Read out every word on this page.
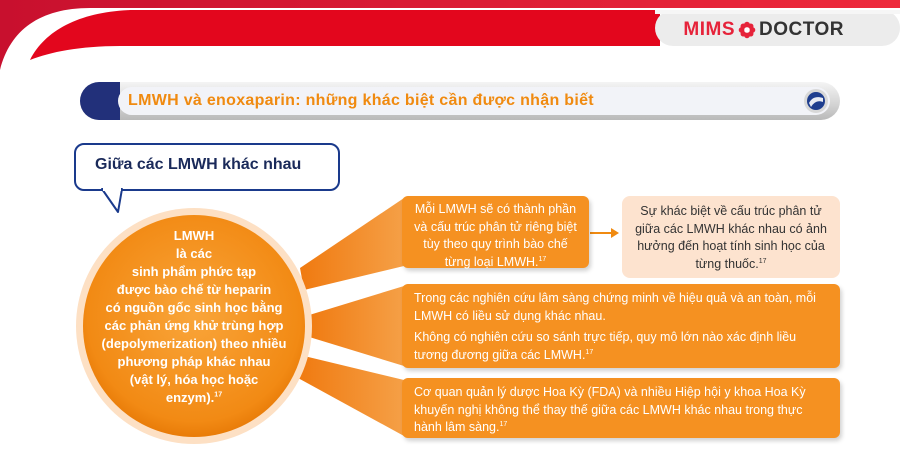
MIMS DOCTOR
LMWH và enoxaparin: những khác biệt cần được nhận biết
Giữa các LMWH khác nhau
LMWH
là các
sinh phẩm phức tạp
được bào chế từ heparin
có nguồn gốc sinh học bằng
các phản ứng khử trùng hợp
(depolymerization) theo nhiều
phương pháp khác nhau
(vật lý, hóa học hoặc
enzym).$^{17}$
Mỗi LMWH sẽ có thành phần và cấu trúc phân tử riêng biệt tùy theo quy trình bào chế từng loại LMWH.$^{17}$
Sự khác biệt về cấu trúc phân tử giữa các LMWH khác nhau có ảnh hưởng đến hoạt tính sinh học của từng thuốc.$^{17}$

Trong các nghiên cứu lâm sàng chứng minh về hiệu quả và an toàn, mỗi LMWH có liều sử dụng khác nhau.

Không có nghiên cứu so sánh trực tiếp, quy mô lớn nào xác định liều tương đương giữa các LMWH.$^{17}$

Cơ quan quản lý dược Hoa Kỳ (FDA) và nhiều Hiệp hội y khoa Hoa Kỳ khuyến nghị không thể thay thế giữa các LMWH khác nhau trong thực hành lâm sàng.$^{17}$
